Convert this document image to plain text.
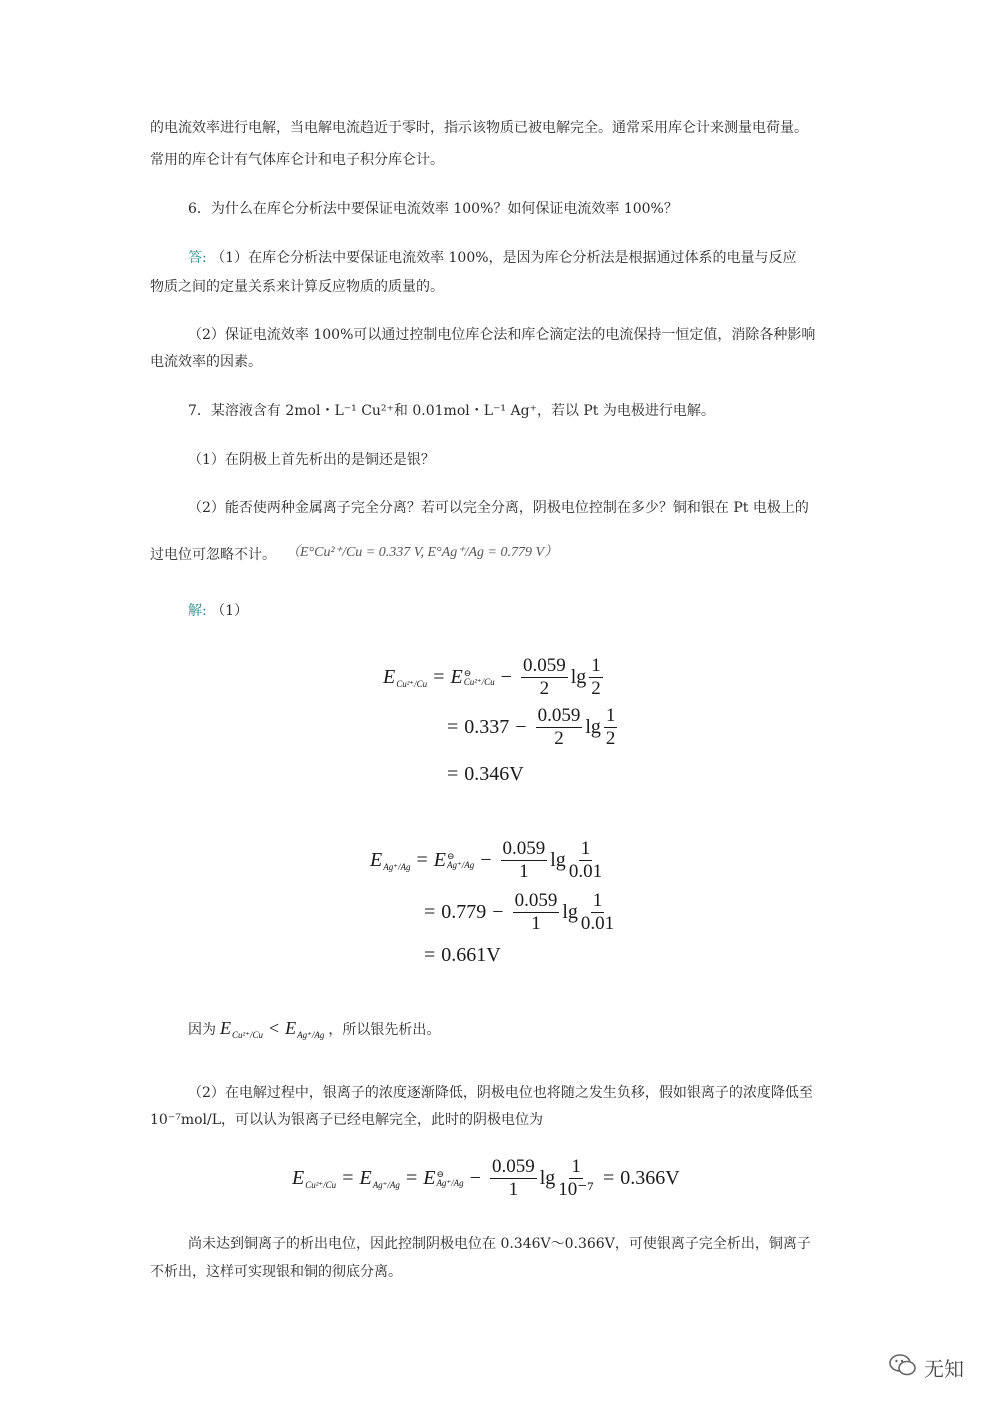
的电流效率进行电解，当电解电流趋近于零时，指示该物质已被电解完全。通常采用库仑计来测量电荷量。

常用的库仑计有气体库仑计和电子积分库仑计。

6．为什么在库仑分析法中要保证电流效率 100%？如何保证电流效率 100%？

答: （1）在库仑分析法中要保证电流效率 100%，是因为库仑分析法是根据通过体系的电量与反应

物质之间的定量关系来计算反应物质的质量的。

（2）保证电流效率 100%可以通过控制电位库仑法和库仑滴定法的电流保持一恒定值，消除各种影响

电流效率的因素。

7．某溶液含有 2mol・L⁻¹ Cu²⁺和 0.01mol・L⁻¹ Ag⁺，若以 Pt 为电极进行电解。

（1）在阴极上首先析出的是铜还是银？

（2）能否使两种金属离子完全分离？若可以完全分离，阴极电位控制在多少？铜和银在 Pt 电极上的

过电位可忽略不计。 （E°Cu²⁺/Cu = 0.337 V, E°Ag⁺/Ag = 0.779 V）

解: （1）

E Cu²⁺/Cu = E ⊖
$Cu^{2+}/Cu - \frac{0.059}{2}$ $\lg \frac{1}{2}$
= $0.337 - \frac{0.059}{2}$ $\lg \frac{1}{2}$
= 0.346V
E Ag⁺/Ag = E ⊖
$Ag^+/Ag - \frac{0.059}{1}$ $\lg \frac{1}{0.01}$
= $0.779 - \frac{0.059}{1}$ $\lg \frac{1}{0.01}$
= 0.661V
因为 E Cu²⁺/Cu < E Ag⁺/Ag ，所以银先析出。

（2）在电解过程中，银离子的浓度逐渐降低，阴极电位也将随之发生负移，假如银离子的浓度降低至

10⁻⁷mol/L，可以认为银离子已经电解完全，此时的阴极电位为

E Cu²⁺/Cu = E Ag⁺/Ag = E ⊖
$Ag^+/Ag - \frac{0.059}{1}$ $\lg \frac{1}{\text{10⁻⁷}} = 0.366V$

尚未达到铜离子的析出电位，因此控制阴极电位在 0.346V～0.366V，可使银离子完全析出，铜离子

不析出，这样可实现银和铜的彻底分离。

无知
